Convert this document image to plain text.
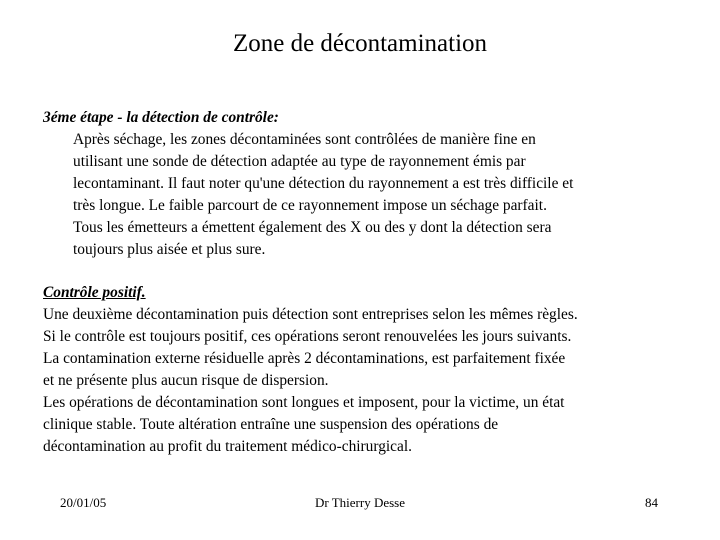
Zone de décontamination
3éme étape - la détection de contrôle:
Après séchage, les zones décontaminées sont contrôlées de manière fine en
utilisant une sonde de détection adaptée au type de rayonnement émis par
lecontaminant. Il faut noter qu'une détection du rayonnement a est très difficile et
très longue. Le faible parcourt de ce rayonnement impose un séchage parfait.
Tous les émetteurs a émettent également des X ou des y dont la détection sera
toujours plus aisée et plus sure.
Contrôle positif.
Une deuxième décontamination puis détection sont entreprises selon les mêmes règles.
Si le contrôle est toujours positif, ces opérations seront renouvelées les jours suivants.
La contamination externe résiduelle après 2 décontaminations, est parfaitement fixée
et ne présente plus aucun risque de dispersion.
Les opérations de décontamination sont longues et imposent, pour la victime, un état
clinique stable. Toute altération entraîne une suspension des opérations de
décontamination au profit du traitement médico-chirurgical.
20/01/05	Dr Thierry Desse	84
